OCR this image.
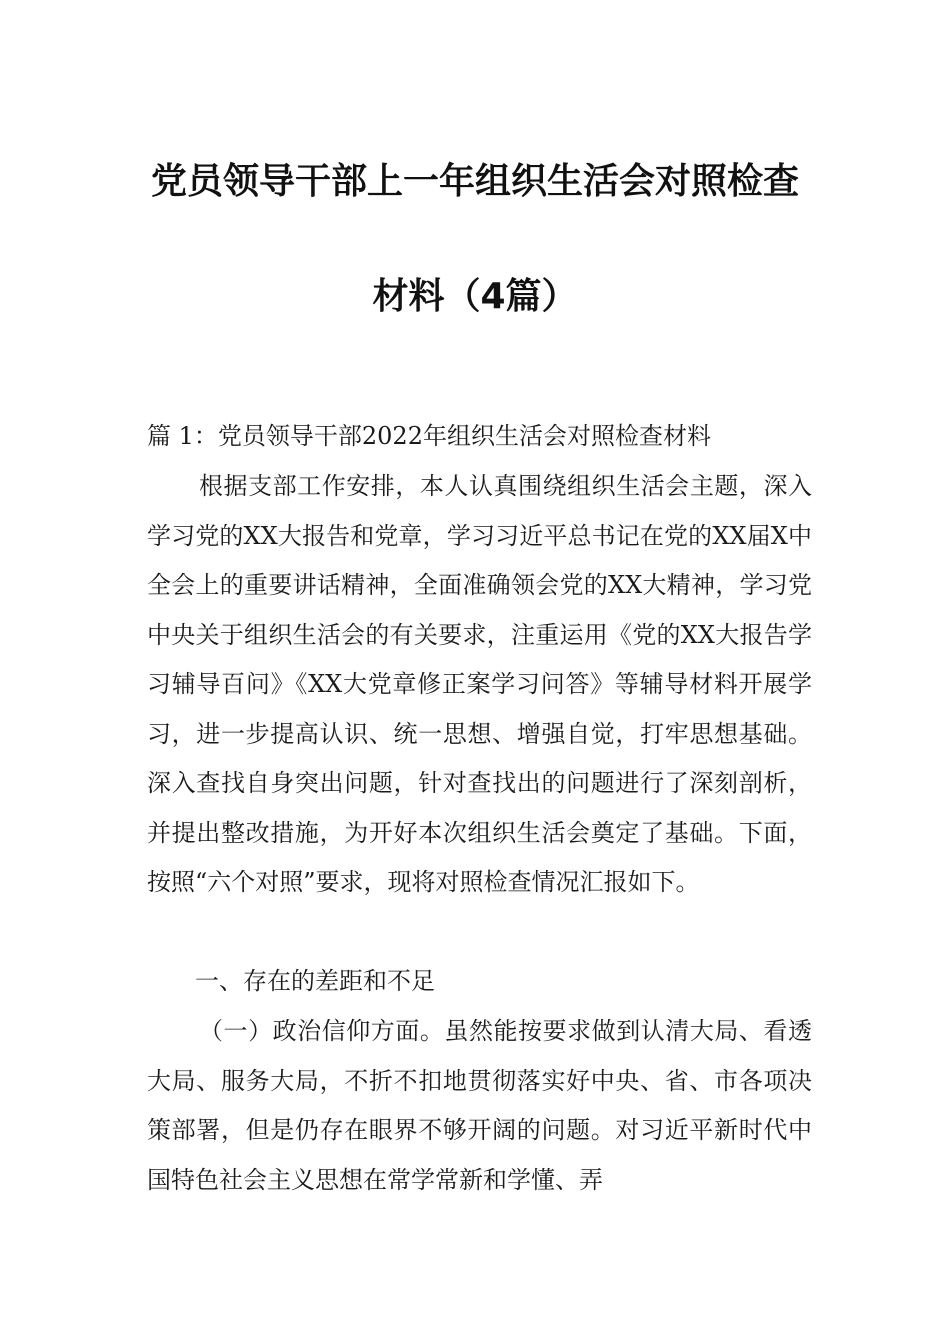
党员领导干部上一年组织生活会对照检查
材料（4篇）
篇 1：党员领导干部2022年组织生活会对照检查材料
根据支部工作安排，本人认真围绕组织生活会主题，深入学习党的XX大报告和党章，学习习近平总书记在党的XX届X中全会上的重要讲话精神，全面准确领会党的XX大精神，学习党中央关于组织生活会的有关要求，注重运用《党的XX大报告学习辅导百问》《XX大党章修正案学习问答》等辅导材料开展学习，进一步提高认识、统一思想、增强自觉，打牢思想基础。深入查找自身突出问题，针对查找出的问题进行了深刻剖析，并提出整改措施，为开好本次组织生活会奠定了基础。下面，按照“六个对照”要求，现将对照检查情况汇报如下。
一、存在的差距和不足
（一）政治信仰方面。虽然能按要求做到认清大局、看透大局、服务大局，不折不扣地贯彻落实好中央、省、市各项决策部署，但是仍存在眼界不够开阔的问题。对习近平新时代中国特色社会主义思想在常学常新和学懂、弄
